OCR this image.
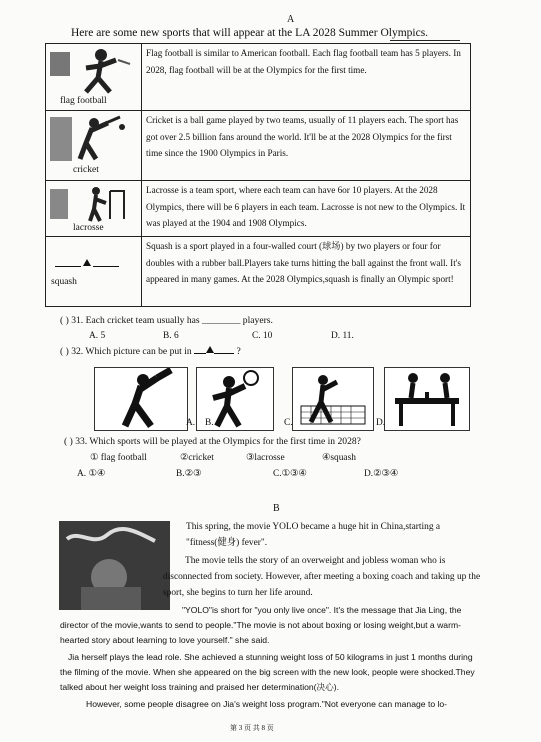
A
Here are some new sports that will appear at the LA 2028 Summer Olympics.
flag football	Flag football is similar to American football. Each flag football team has 5 players. In 2028, flag football will be at the Olympics for the first time.

cricket	Cricket is a ball game played by two teams, usually of 11 players each. The sport has got over 2.5 billion fans around the world. It'll be at the 2028 Olympics for the first time since the 1900 Olympics in Paris.

lacrosse	Lacrosse is a team sport, where each team can have 6or 10 players. At the 2028 Olympics, there will be 6 players in each team. Lacrosse is not new to the Olympics. It was played at the 1904 and 1908 Olympics.

squash	Squash is a sport played in a four-walled court (球场) by two players or four for doubles with a rubber ball.Players take turns hitting the ball against the front wall. It's appeared in many games. At the 2028 Olympics,squash is finally an Olympic sport!
( ) 31. Each cricket team usually has ________ players.
A. 5	B. 6	C. 10	D. 11.
( ) 32. Which picture can be put in	?
A. B.	C.	D.
( ) 33. Which sports will be played at the Olympics for the first time in 2028?
① flag football	②cricket	③lacrosse	④squash
A. ①④	B.②③	C.①③④	D.②③④
B
This spring, the movie YOLO became a huge hit in China,starting a "fitness(健身) fever".
The movie tells the story of an overweight and jobless woman who is disconnected from society. However, after meeting a boxing coach and taking up the sport, she begins to turn her life around.
"YOLO"is short for "you only live once". It's the message that Jia Ling, the director of the movie,wants to send to people."The movie is not about boxing or losing weight,but a warm-hearted story about learning to love yourself." she said.
Jia herself plays the lead role. She achieved a stunning weight loss of 50 kilograms in just 1 months during the filming of the movie. When she appeared on the big screen with the new look, people were shocked.They talked about her weight loss training and praised her determination(决心).
However, some people disagree on Jia's weight loss program."Not everyone can manage to lo-
第 3 页 共 8 页
